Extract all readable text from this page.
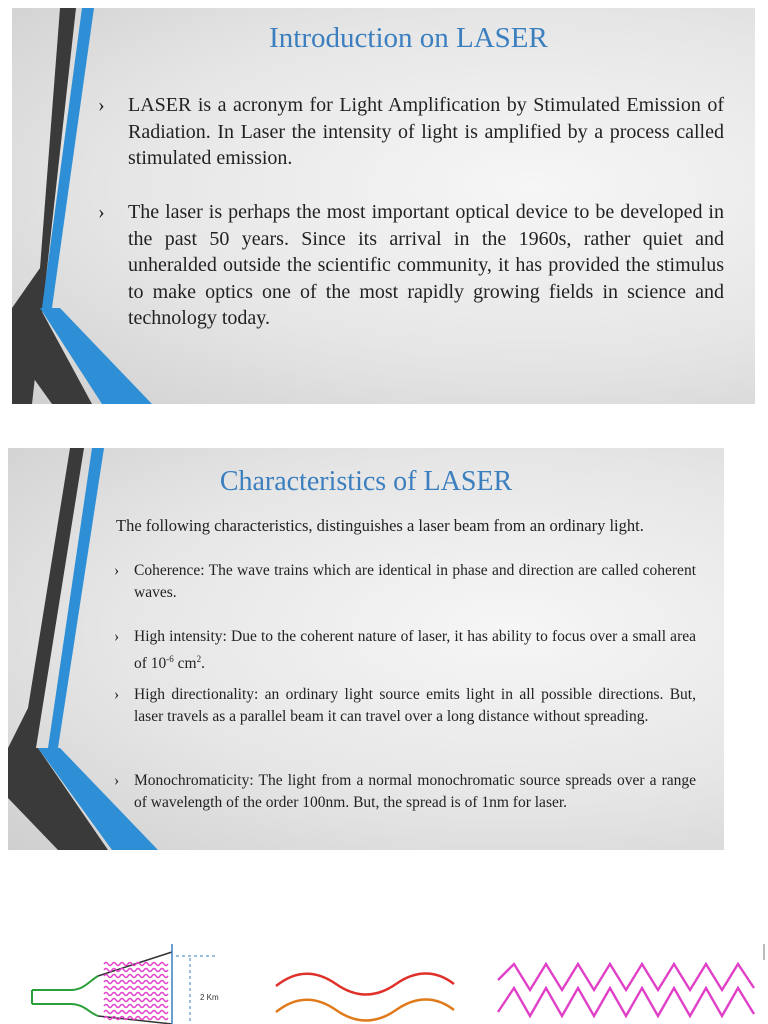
Introduction on LASER
› LASER is a acronym for Light Amplification by Stimulated Emission of Radiation. In Laser the intensity of light is amplified by a process called stimulated emission.
› The laser is perhaps the most important optical device to be developed in the past 50 years. Since its arrival in the 1960s, rather quiet and unheralded outside the scientific community, it has provided the stimulus to make optics one of the most rapidly growing fields in science and technology today.
Characteristics of LASER
The following characteristics, distinguishes a laser beam from an ordinary light.
› Coherence: The wave trains which are identical in phase and direction are called coherent waves.
› High intensity: Due to the coherent nature of laser, it has ability to focus over a small area of $10^{-6}$ $cm^2$.
› High directionality: an ordinary light source emits light in all possible directions. But, laser travels as a parallel beam it can travel over a long distance without spreading.
› Monochromaticity: The light from a normal monochromatic source spreads over a range of wavelength of the order 100nm. But, the spread is of 1nm for laser.
2 Km
